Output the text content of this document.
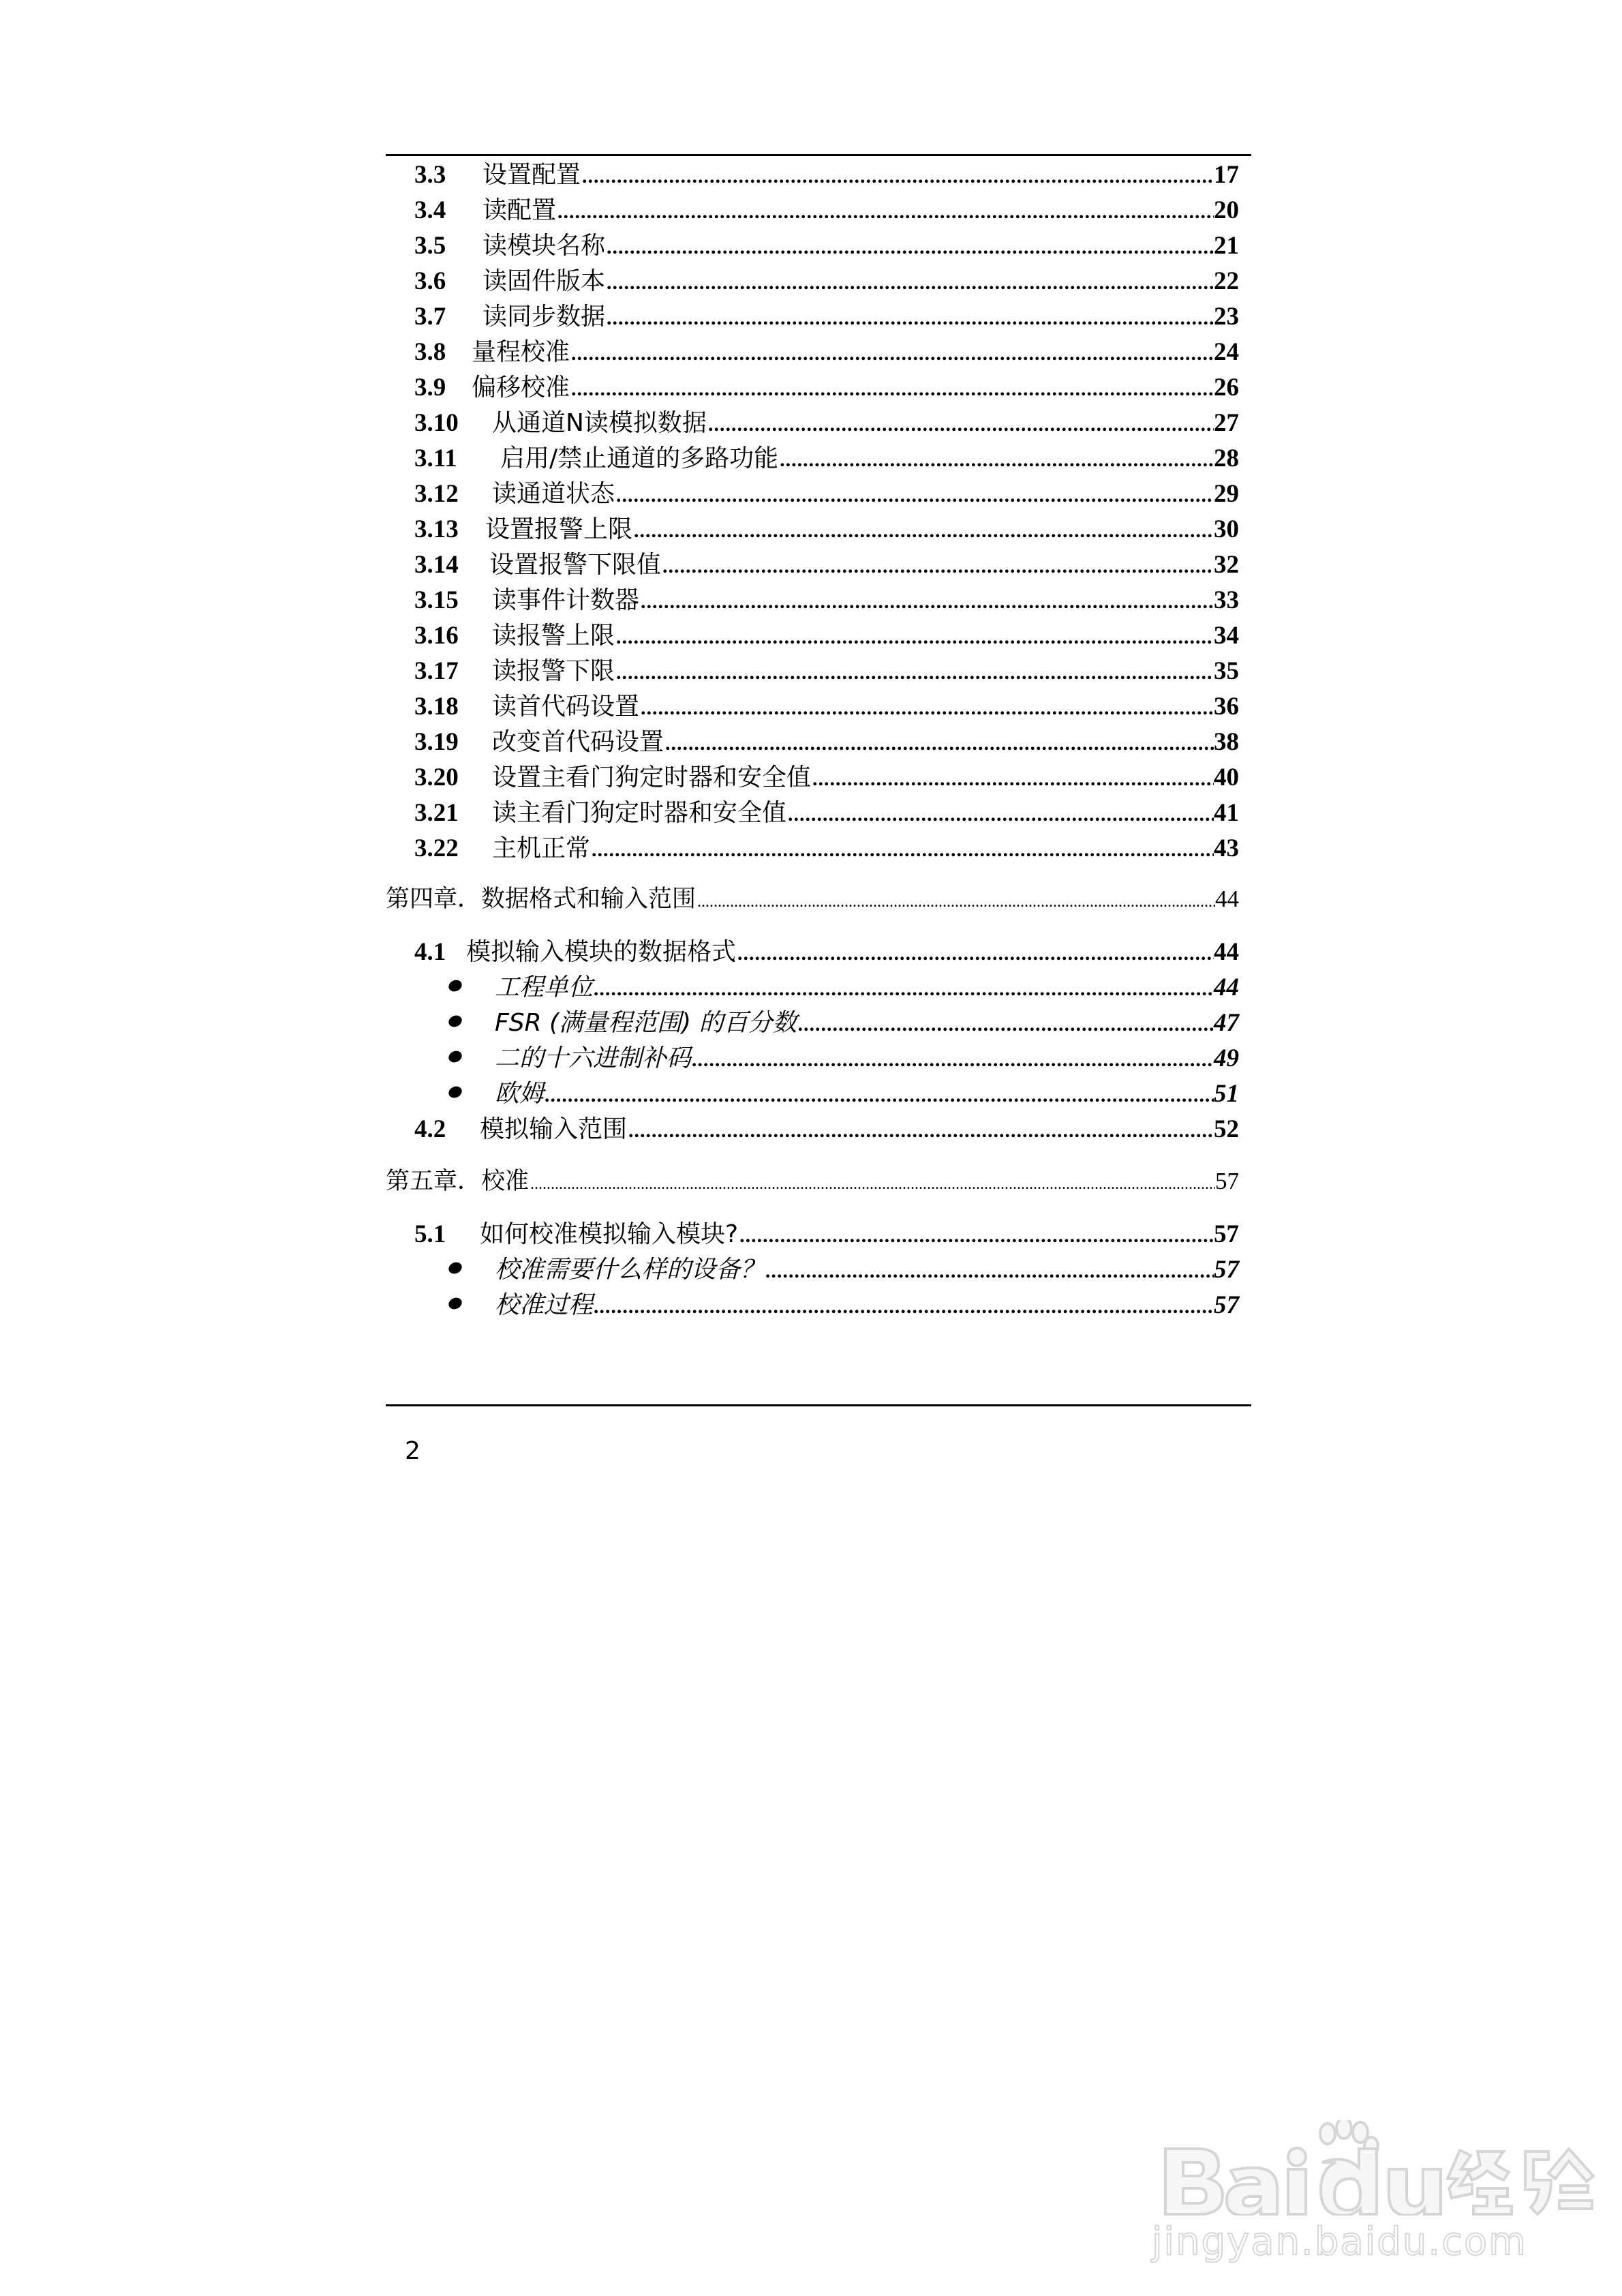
3.3	设置配置 .....	17
3.4	读配置 .....	20
3.5	读模块名称 .....	21
3.6	读固件版本 .....	22
3.7	读同步数据 .....	23
3.8	量程校准 .....	24
3.9	偏移校准 .....	26
3.10	从通道N读模拟数据 .....	27
3.11	启用/禁止通道的多路功能 .....	28
3.12	读通道状态 .....	29
3.13	设置报警上限 .....	30
3.14	设置报警下限值 .....	32
3.15	读事件计数器 .....	33
3.16	读报警上限 .....	34
3.17	读报警下限 .....	35
3.18	读首代码设置 .....	36
3.19	改变首代码设置 .....	38
3.20	设置主看门狗定时器和安全值 .....	40
3.21	读主看门狗定时器和安全值 .....	41
3.22	主机正常 .....	43
第四章．数据格式和输入范围 .....	44
4.1 模拟输入模块的数据格式 .....	44
工程单位 .....	44
FSR (满量程范围) 的百分数 .....	47
二的十六进制补码 .....	49
欧姆 .....	51
4.2	模拟输入范围 .....	52
第五章．校准 .....	57
5.1	如何校准模拟输入模块? .....	57
校准需要什么样的设备？ .....	57
校准过程 .....	57
2
jingyan.baidu.com
